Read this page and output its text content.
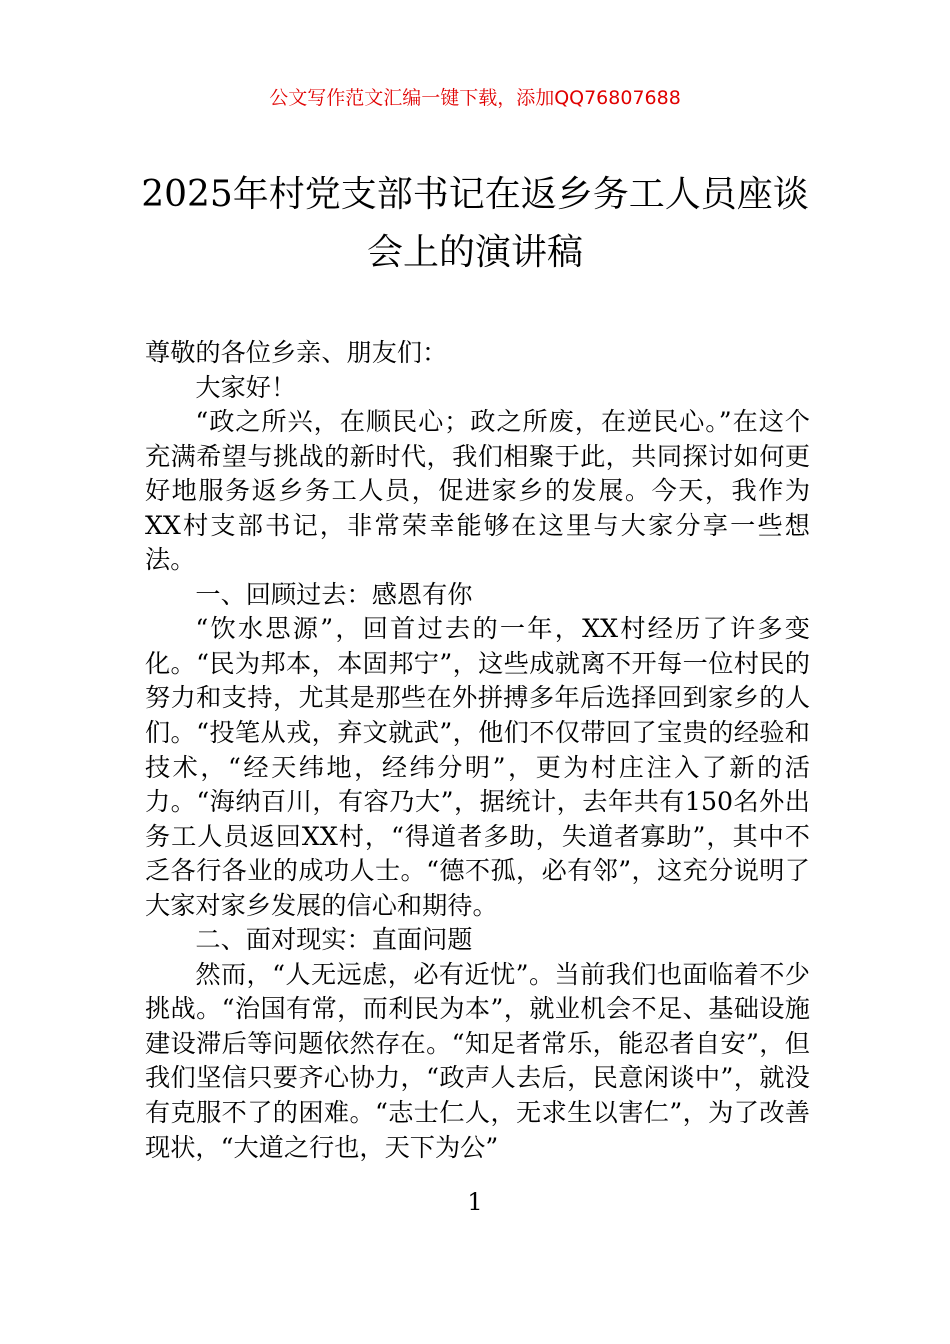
公文写作范文汇编一键下载，添加QQ76807688
2025年村党支部书记在返乡务工人员座谈
会上的演讲稿

尊敬的各位乡亲、朋友们：

大家好！

“政之所兴，在顺民心；政之所废，在逆民心。”在这个充满希望与挑战的新时代，我们相聚于此，共同探讨如何更好地服务返乡务工人员，促进家乡的发展。今天，我作为XX村支部书记，非常荣幸能够在这里与大家分享一些想法。

一、回顾过去：感恩有你

“饮水思源”，回首过去的一年，XX村经历了许多变化。“民为邦本，本固邦宁”，这些成就离不开每一位村民的努力和支持，尤其是那些在外拼搏多年后选择回到家乡的人们。“投笔从戎，弃文就武”，他们不仅带回了宝贵的经验和技术，“经天纬地，经纬分明”，更为村庄注入了新的活力。“海纳百川，有容乃大”，据统计，去年共有150名外出务工人员返回XX村，“得道者多助，失道者寡助”，其中不乏各行各业的成功人士。“德不孤，必有邻”，这充分说明了大家对家乡发展的信心和期待。

二、面对现实：直面问题

然而，“人无远虑，必有近忧”。当前我们也面临着不少挑战。“治国有常，而利民为本”，就业机会不足、基础设施建设滞后等问题依然存在。“知足者常乐，能忍者自安”，但我们坚信只要齐心协力，“政声人去后，民意闲谈中”，就没有克服不了的困难。“志士仁人，无求生以害仁”，为了改善现状，“大道之行也，天下为公”

1
